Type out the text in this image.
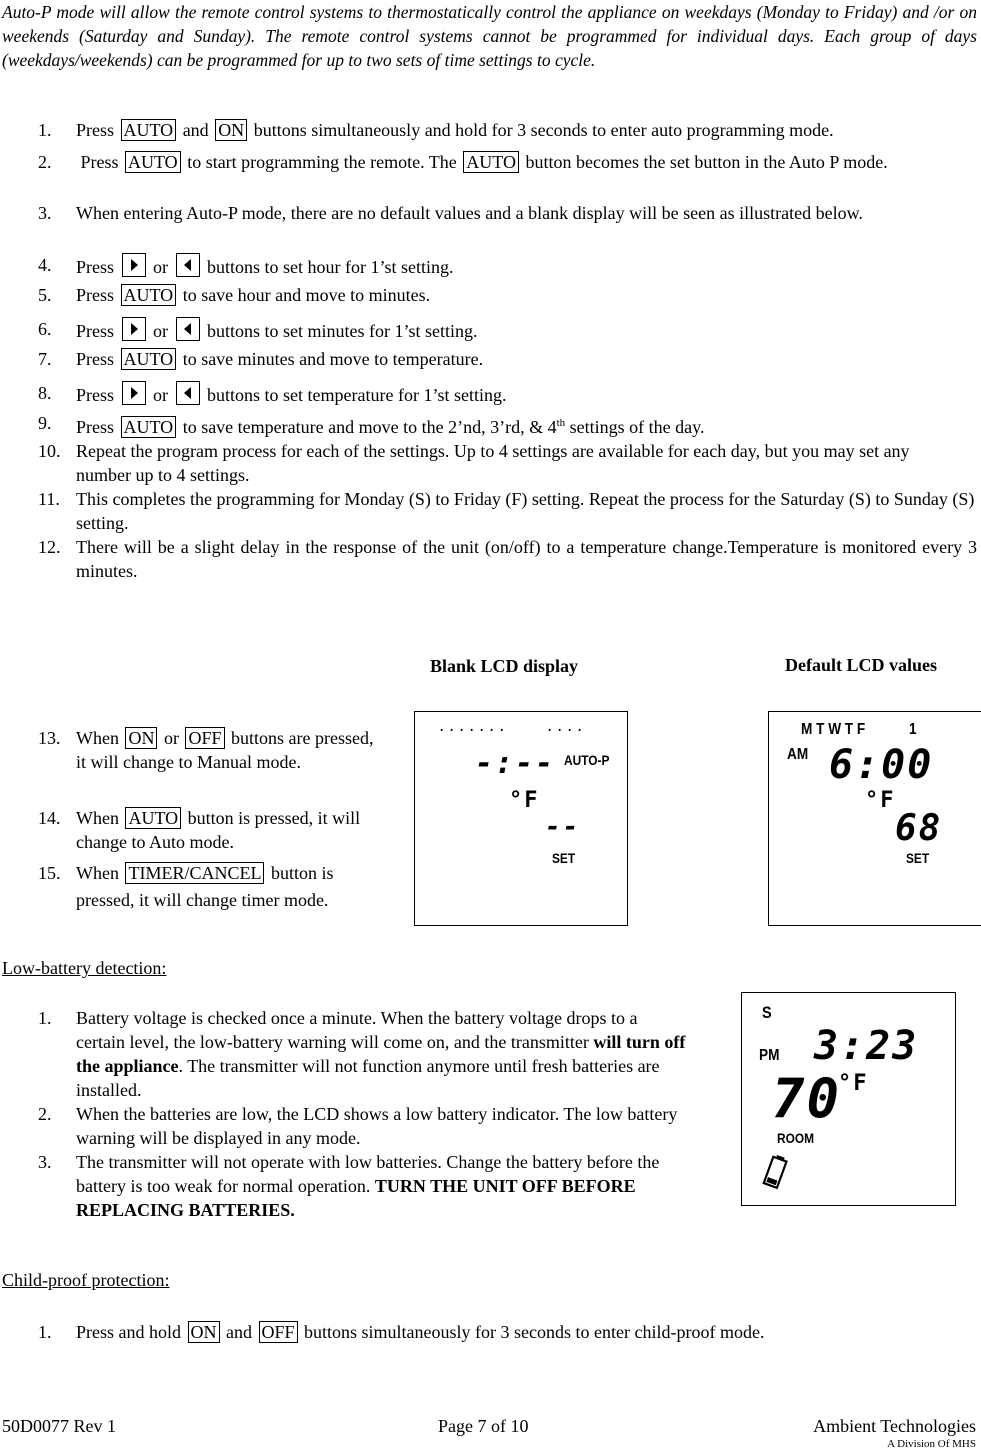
Auto-P mode will allow the remote control systems to thermostatically control the appliance on weekdays (Monday to Friday) and /or on weekends (Saturday and Sunday). The remote control systems cannot be programmed for individual days. Each group of days (weekdays/weekends) can be programmed for up to two sets of time settings to cycle.
1. Press AUTO and ON buttons simultaneously and hold for 3 seconds to enter auto programming mode.
2. Press AUTO to start programming the remote. The AUTO button becomes the set button in the Auto P mode.
3. When entering Auto-P mode, there are no default values and a blank display will be seen as illustrated below.
4. Press or buttons to set hour for 1’st setting.
5. Press AUTO to save hour and move to minutes.
6. Press or buttons to set minutes for 1’st setting.
7. Press AUTO to save minutes and move to temperature.
8. Press or buttons to set temperature for 1’st setting.
9. Press AUTO to save temperature and move to the 2’nd, 3’rd, & 4th settings of the day.
10. Repeat the program process for each of the settings. Up to 4 settings are available for each day, but you may set any number up to 4 settings.
11. This completes the programming for Monday (S) to Friday (F) setting. Repeat the process for the Saturday (S) to Sunday (S) setting.
12. There will be a slight delay in the response of the unit (on/off) to a temperature change.Temperature is monitored every 3 minutes.
Blank LCD display	Default LCD values
13. When ON or OFF buttons are pressed, it will change to Manual mode.
14. When AUTO button is pressed, it will change to Auto mode.
15. When TIMER/CANCEL button is pressed, it will change timer mode.
. . . . . . .	. . . .
-:-- AUTO-P
°F
--
SET
M T W T F	1
AM 6:00
°F
68
SET
Low-battery detection:
1. Battery voltage is checked once a minute. When the battery voltage drops to a certain level, the low-battery warning will come on, and the transmitter will turn off the appliance. The transmitter will not function anymore until fresh batteries are installed.
2. When the batteries are low, the LCD shows a low battery indicator. The low battery warning will be displayed in any mode.
3. The transmitter will not operate with low batteries. Change the battery before the battery is too weak for normal operation. TURN THE UNIT OFF BEFORE REPLACING BATTERIES.
S
PM 3:23
70
°F
ROOM
Child-proof protection:
1. Press and hold ON and OFF buttons simultaneously for 3 seconds to enter child-proof mode.
50D0077 Rev 1	Page 7 of 10	Ambient Technologies
A Division Of MHS
